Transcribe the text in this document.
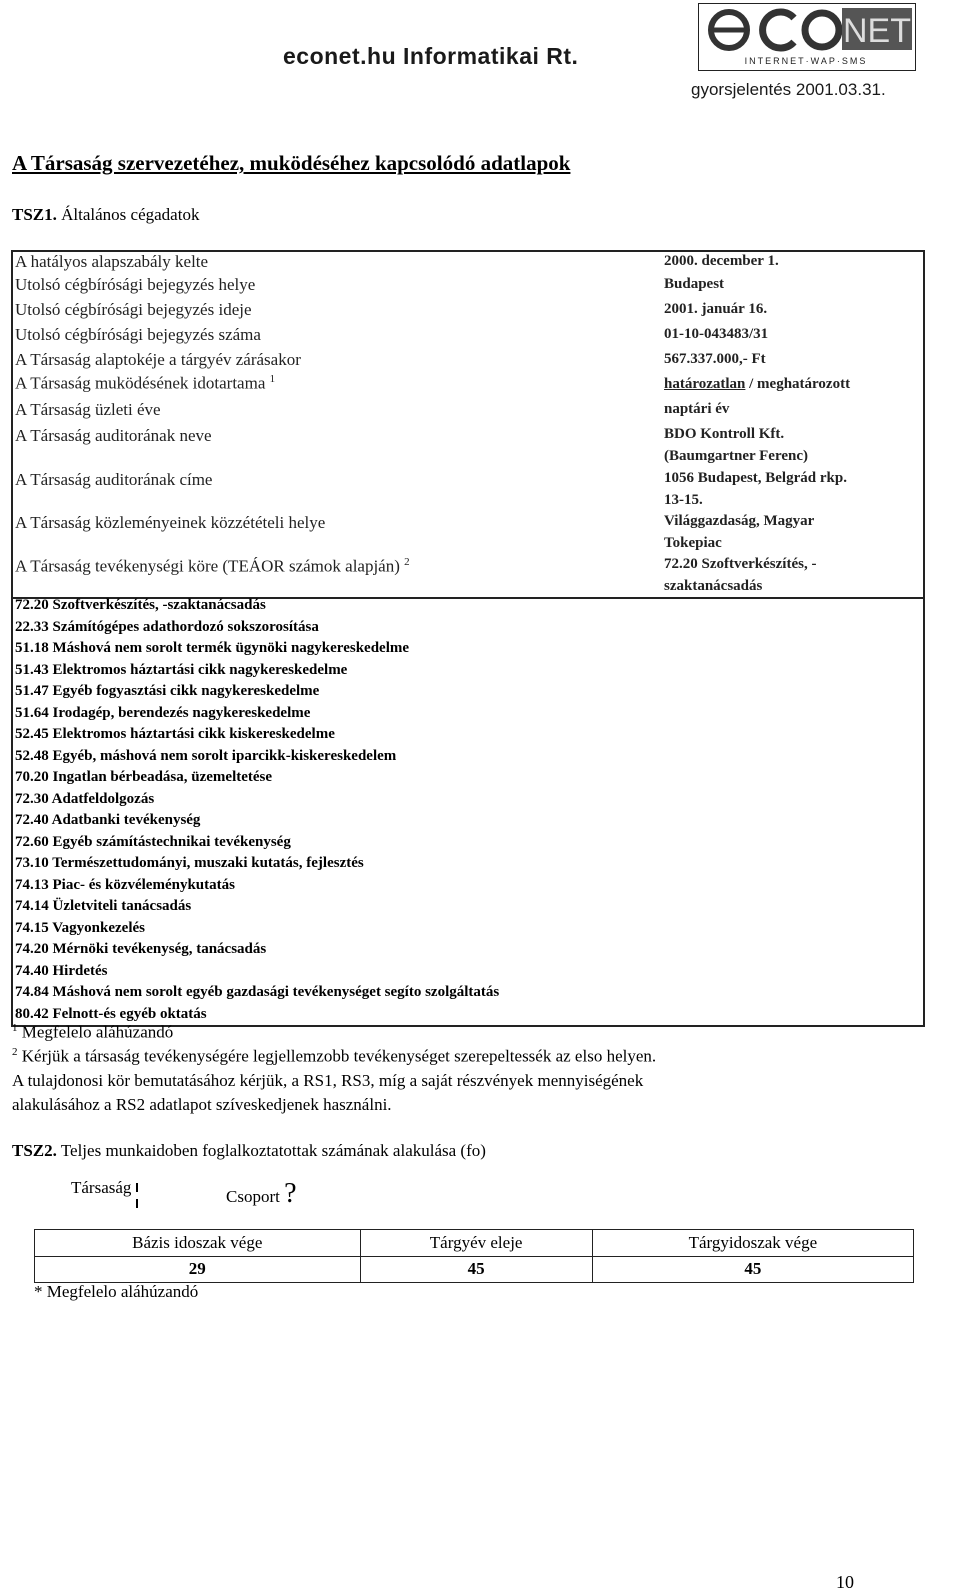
econet.hu Informatikai Rt.
NET
INTERNET·WAP·SMS
gyorsjelentés 2001.03.31.
A Társaság szervezetéhez, muködéséhez kapcsolódó adatlapok
TSZ1. Általános cégadatok
A hatályos alapszabály kelte	2000. december 1.
Utolsó cégbírósági bejegyzés helye	Budapest
Utolsó cégbírósági bejegyzés ideje	2001. január 16.
Utolsó cégbírósági bejegyzés száma	01-10-043483/31
A Társaság alaptokéje a tárgyév zárásakor	567.337.000,- Ft
A Társaság muködésének idotartama $^1$	határozatlan / meghatározott
A Társaság üzleti éve	naptári év
A Társaság auditorának neve	BDO Kontroll Kft.
(Baumgartner Ferenc)
A Társaság auditorának címe	1056 Budapest, Belgrád rkp.
13-15.
A Társaság közleményeinek közzétételi helye	Világgazdaság, Magyar
Tokepiac
A Társaság tevékenységi köre (TEÁOR számok alapján) $^2$	72.20 Szoftverkészítés, -
szaktanácsadás
72.20 Szoftverkészítés, -szaktanácsadás
22.33 Számítógépes adathordozó sokszorosítása
51.18 Máshová nem sorolt termék ügynöki nagykereskedelme
51.43 Elektromos háztartási cikk nagykereskedelme
51.47 Egyéb fogyasztási cikk nagykereskedelme
51.64 Irodagép, berendezés nagykereskedelme
52.45 Elektromos háztartási cikk kiskereskedelme
52.48 Egyéb, máshová nem sorolt iparcikk-kiskereskedelem
70.20 Ingatlan bérbeadása, üzemeltetése
72.30 Adatfeldolgozás
72.40 Adatbanki tevékenység
72.60 Egyéb számítástechnikai tevékenység
73.10 Természettudományi, muszaki kutatás, fejlesztés
74.13 Piac- és közvéleménykutatás
74.14 Üzletviteli tanácsadás
74.15 Vagyonkezelés
74.20 Mérnöki tevékenység, tanácsadás
74.40 Hirdetés
74.84 Máshová nem sorolt egyéb gazdasági tevékenységet segíto szolgáltatás
80.42 Felnott-és egyéb oktatás
$^1$ Megfelelo aláhúzandó
$^2$ Kérjük a társaság tevékenységére legjellemzobb tevékenységet szerepeltessék az elso helyen.
A tulajdonosi kör bemutatásához kérjük, a RS1, RS3, míg a saját részvények mennyiségének
alakulásához a RS2 adatlapot szíveskedjenek használni.
TSZ2. Teljes munkaidoben foglalkoztatottak számának alakulása (fo)
Társaság	Csoport ?
Bázis idoszak vége	Tárgyév eleje	Tárgyidoszak vége
29	45	45
* Megfelelo aláhúzandó
10
